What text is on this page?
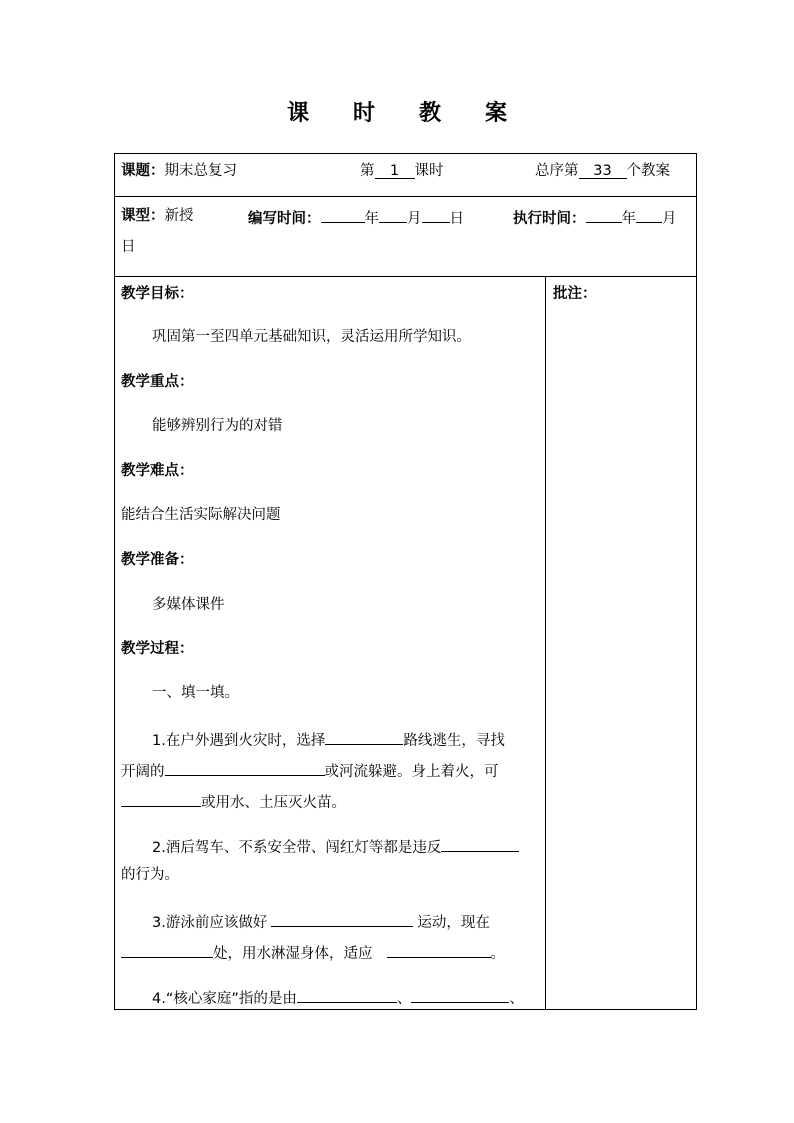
课 时 教 案
课题：期末总复习	第 1 课时	总序第 33 个教案
课型：新授	编写时间：	年 月 日	执行时间： 年 月
日
批注：
教学目标：
巩固第一至四单元基础知识，灵活运用所学知识。
教学重点：
能够辨别行为的对错
教学难点：
能结合生活实际解决问题
教学准备：
多媒体课件
教学过程：
一、填一填。
1.在户外遇到火灾时，选择	路线逃生，寻找
开阔的	或河流躲避。身上着火，可
或用水、土压灭火苗。
2.酒后驾车、不系安全带、闯红灯等都是违反
的行为。
3.游泳前应该做好	运动，现在
处，用水淋湿身体，适应	。
4.“核心家庭”指的是由	、	、
